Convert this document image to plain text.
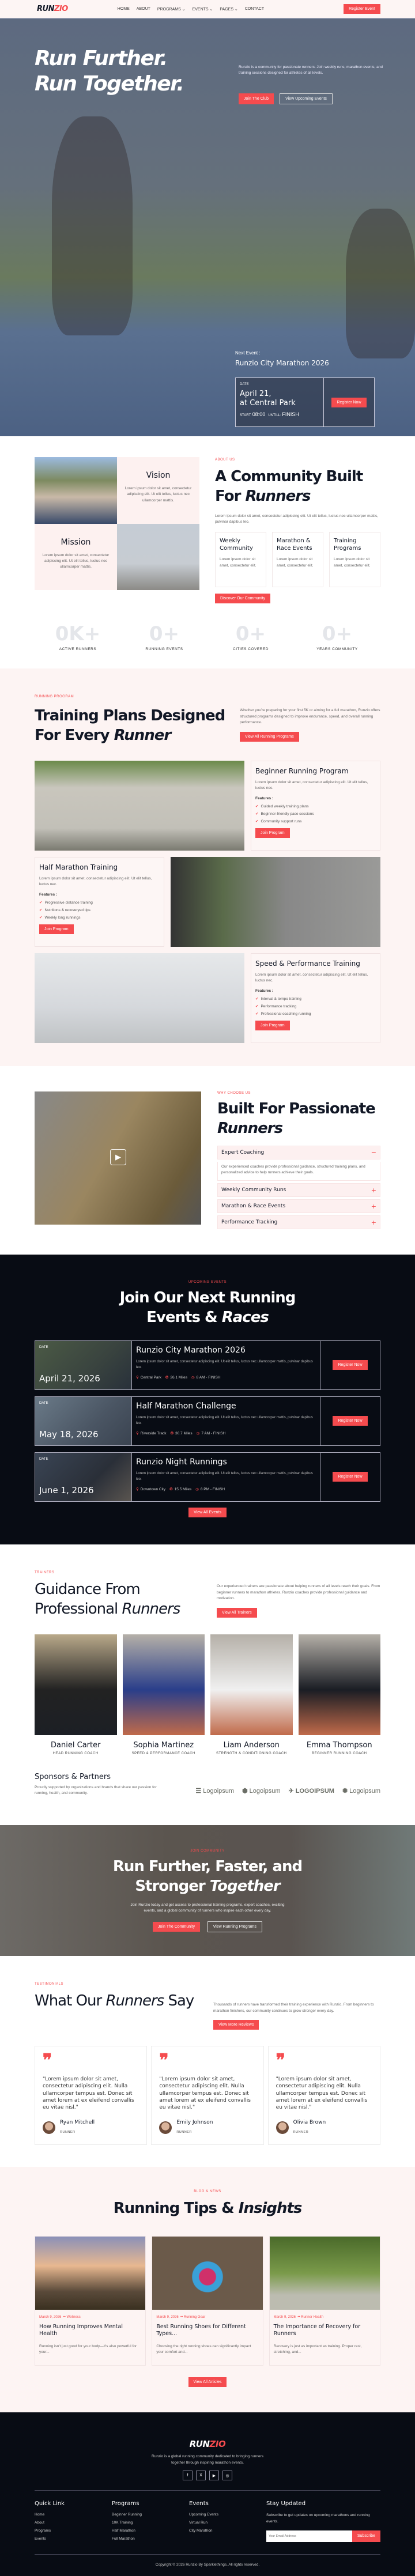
RUNZIO	HOME ABOUT PROGRAMS ⌄ EVENTS ⌄ PAGES ⌄ CONTACT	Register Event
Run Further.
Run Together.

Runzio is a community for passionate runners. Join weekly runs, marathon events, and training sessions designed for athletes of all levels.

Join The Club	View Upcoming Events
Next Event :
Runzio City Marathon 2026
DATE
April 21,
at Central Park
START: 08:00 UNTILL: FINISH
Register Now
Vision

Lorem ipsum dolor sit amet, consectetur adipiscing elit. Ut elit tellus, luctus nec ullamcorper mattis.

Mission

Lorem ipsum dolor sit amet, consectetur adipiscing elit. Ut elit tellus, luctus nec ullamcorper mattis.

ABOUT US
A Community Built For Runners

Lorem ipsum dolor sit amet, consectetur adipiscing elit. Ut elit tellus, luctus nec ullamcorper mattis, pulvinar dapibus leo.

Weekly Community

Lorem ipsum dolor sit amet, consectetur elit.

Marathon & Race Events

Lorem ipsum dolor sit amet, consectetur elit.

Training Programs

Lorem ipsum dolor sit amet, consectetur elit.

Discover Our Community
0K+
ACTIVE RUNNERS
0+
RUNNING EVENTS
0+
CITIES COVERED
0+
YEARS COMMUNITY
RUNNING PROGRAM
Training Plans Designed For Every Runner

Whether you're preparing for your first 5K or aiming for a full marathon, Runzio offers structured programs designed to improve endurance, speed, and overall running performance.

View All Running Programs
Beginner Running Program

Lorem ipsum dolor sit amet, consectetur adipiscing elit. Ut elit tellus, luctus nec.

Features :
✔ Guided weekly training plans
✔ Beginner-friendly pace sessions
✔ Community support runs
Join Program
Half Marathon Training

Lorem ipsum dolor sit amet, consectetur adipiscing elit. Ut elit tellus, luctus nec.

Features :
✔ Progressive distance training
✔ Nutritions & recoveryed tips
✔ Weekly long runnings
Join Program
Speed & Performance Training

Lorem ipsum dolor sit amet, consectetur adipiscing elit. Ut elit tellus, luctus nec.

Features :
✔ Interval & tempo training
✔ Performance tracking
✔ Professional coaching running
Join Program
▶
WHY CHOOSE US
Built For Passionate
Runners
Expert Coaching	−
Our experienced coaches provide professional guidance, structured training plans, and personalized advice to help runners achieve their goals.
Weekly Community Runs	+
Marathon & Race Events	+
Performance Tracking	+
UPCOMING EVENTS
Join Our Next Running Events & Races
DATE
April 21, 2026
Runzio City Marathon 2026

Lorem ipsum dolor sit amet, consectetur adipiscing elit. Ut elit tellus, luctus nec ullamcorper mattis, pulvinar dapibus leo.

⚲ Central Park ✪ 26.1 Miles ◷ 8 AM - FINISH
Register Now
DATE
May 18, 2026
Half Marathon Challenge

Lorem ipsum dolor sit amet, consectetur adipiscing elit. Ut elit tellus, luctus nec ullamcorper mattis, pulvinar dapibus leo.

⚲ Riverside Track ✪ 30.7 Miles ◷ 7 AM - FINISH
Register Now
DATE
June 1, 2026
Runzio Night Runnings

Lorem ipsum dolor sit amet, consectetur adipiscing elit. Ut elit tellus, luctus nec ullamcorper mattis, pulvinar dapibus leo.

⚲ Downtown City ✪ 15.5 Miles ◷ 8 PM - FINISH
Register Now
View All Events
TRAINERS
Guidance From Professional Runners

Our experienced trainers are passionate about helping runners of all levels reach their goals. From beginner runners to marathon athletes, Runzio coaches provide professional guidance and motivation.

View All Trainers
Daniel Carter

HEAD RUNNING COACH

Sophia Martinez

SPEED & PERFORMANCE COACH

Liam Anderson

STRENGTH & CONDITIONING COACH

Emma Thompson

BEGINNER RUNNING COACH

Sponsors & Partners

Proudly supported by organizations and brands that share our passion for running, health, and community.	☰ Logoipsum ⬢ Logoipsum ✈ LOGOIPSUM ✺ Logoipsum
JOIN COMMUNITY
Run Further, Faster, and Stronger Together

Join Runzio today and get access to professional training programs, expert coaches, exciting events, and a global community of runners who inspire each other every day.

Join The Community	View Running Programs
TESTIMONIALS
What Our Runners Say	Thousands of runners have transformed their training experience with Runzio. From beginners to marathon finishers, our community continues to grow stronger every day.

View More Reviews
❞

"Lorem ipsum dolor sit amet, consectetur adipiscing elit. Nulla ullamcorper tempus est. Donec sit amet lorem at ex eleifend convallis eu vitae nisl."

Ryan Mitchell
RUNNER
❞

"Lorem ipsum dolor sit amet, consectetur adipiscing elit. Nulla ullamcorper tempus est. Donec sit amet lorem at ex eleifend convallis eu vitae nisl."

Emily Johnson
RUNNER
❞

"Lorem ipsum dolor sit amet, consectetur adipiscing elit. Nulla ullamcorper tempus est. Donec sit amet lorem at ex eleifend convallis eu vitae nisl."

Olivia Brown
RUNNER
BLOG & NEWS
Running Tips & Insights
March 9, 2026  •• Wellness
How Running Improves Mental Health

Running isn't just good for your body—it's also powerful for your...

March 9, 2026  •• Running Gear
Best Running Shoes for Different Types...

Choosing the right running shoes can significantly impact your comfort and...

March 9, 2026  •• Runner Health
The Importance of Recovery for Runners

Recovery is just as important as training. Proper rest, stretching, and...

View All Articles
RUNZIO

Runzio is a global running community dedicated to bringing runners together through inspiring marathon events.

f	X	▶	◎
Quick Link
Home
About
Programs
Events
Programs
Beginner Running
10K Training
Half Marathon
Full Marathon
Events
Upcoming Events
Virtual Run
City Marathon
Stay Updated

Subscribe to get updates on upcoming marathons and running events.

Your Email Address
Subscribe
Copyright © 2026 Runzio By Sparklethings. All rights reserved.
